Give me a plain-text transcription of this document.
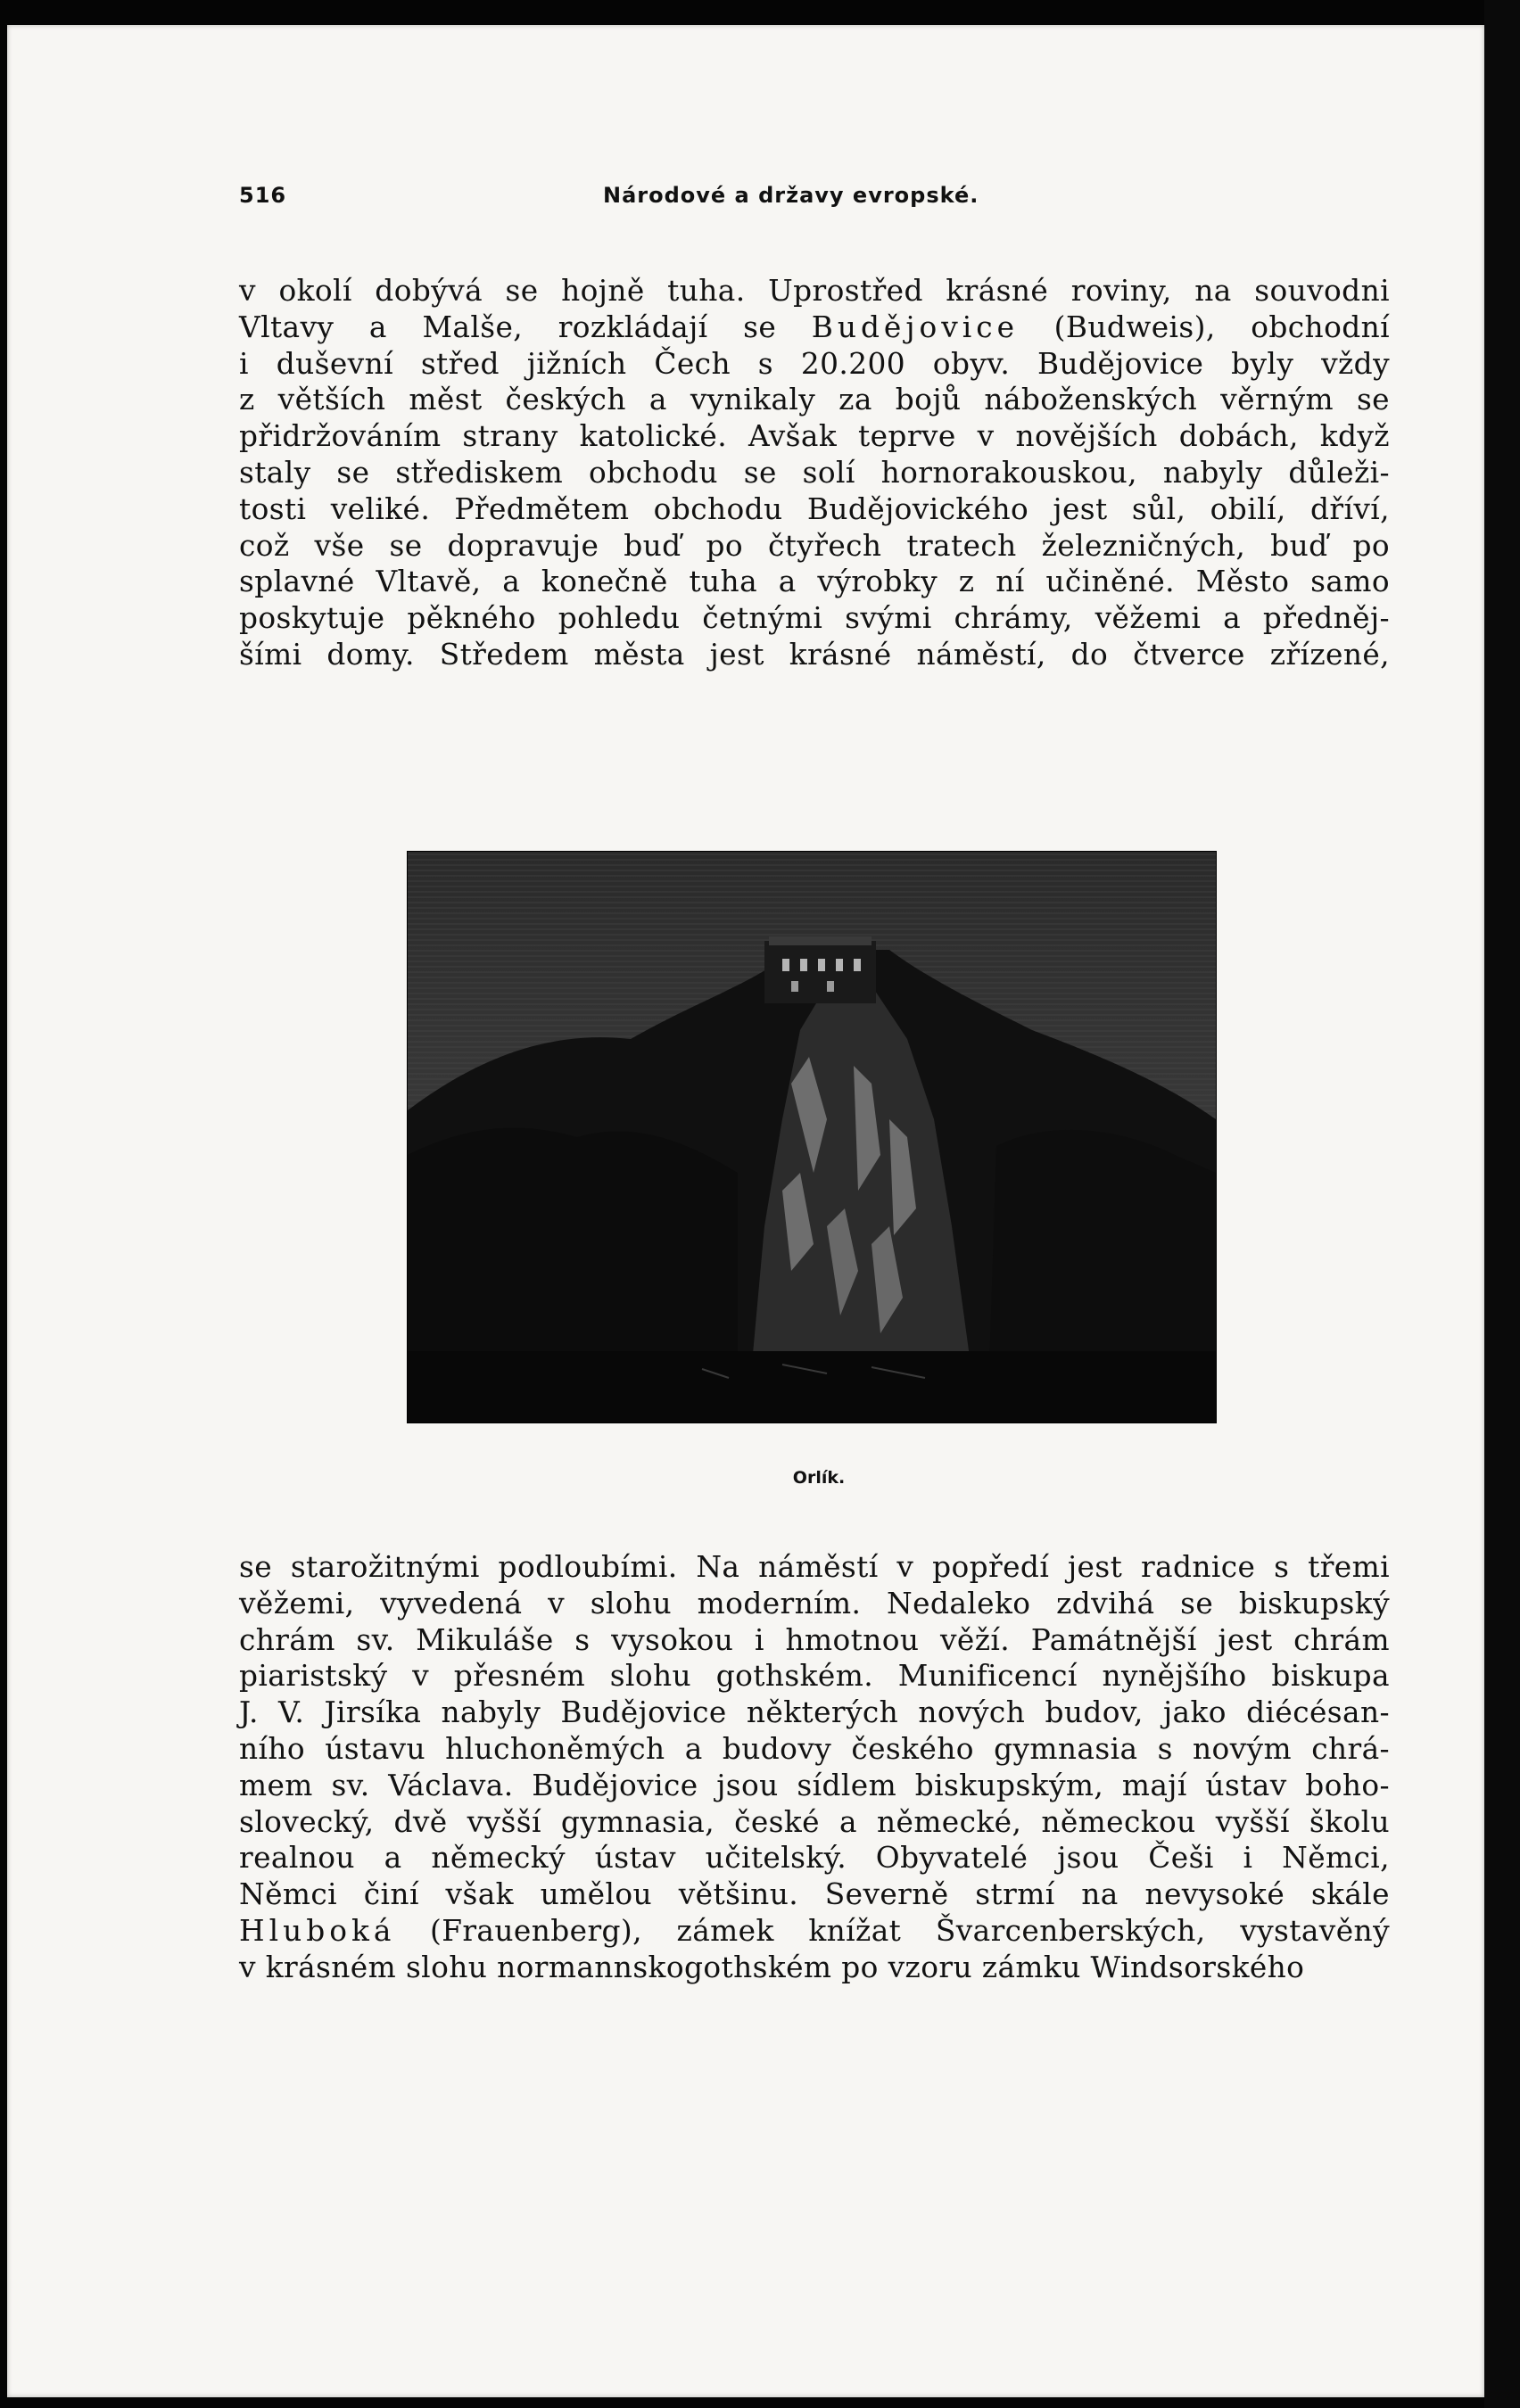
516	Národové a državy evropské.
v okolí dobývá se hojně tuha. Uprostřed krásné roviny, na souvodni
Vltavy a Malše, rozkládají se Budějovice (Budweis), obchodní
i duševní střed jižních Čech s 20.200 obyv. Budějovice byly vždy
z větších měst českých a vynikaly za bojů náboženských věrným se
přidržováním strany katolické. Avšak teprve v novějších dobách, když
staly se střediskem obchodu se solí hornorakouskou, nabyly důleži-
tosti veliké. Předmětem obchodu Budějovického jest sůl, obilí, dříví,
což vše se dopravuje buď po čtyřech tratech železničných, buď po
splavné Vltavě, a konečně tuha a výrobky z ní učiněné. Město samo
poskytuje pěkného pohledu četnými svými chrámy, věžemi a předněj-
šími domy. Středem města jest krásné náměstí, do čtverce zřízené,
Orlík.
se starožitnými podloubími. Na náměstí v popředí jest radnice s třemi
věžemi, vyvedená v slohu moderním. Nedaleko zdvihá se biskupský
chrám sv. Mikuláše s vysokou i hmotnou věží. Památnější jest chrám
piaristský v přesném slohu gothském. Munificencí nynějšího biskupa
J. V. Jirsíka nabyly Budějovice některých nových budov, jako diécésan-
ního ústavu hluchoněmých a budovy českého gymnasia s novým chrá-
mem sv. Václava. Budějovice jsou sídlem biskupským, mají ústav boho-
slovecký, dvě vyšší gymnasia, české a německé, německou vyšší školu
realnou a německý ústav učitelský. Obyvatelé jsou Češi i Němci,
Němci činí však umělou většinu. Severně strmí na nevysoké skále
Hluboká (Frauenberg), zámek knížat Švarcenberských, vystavěný
v krásném slohu normannskogothském po vzoru zámku Windsorského
